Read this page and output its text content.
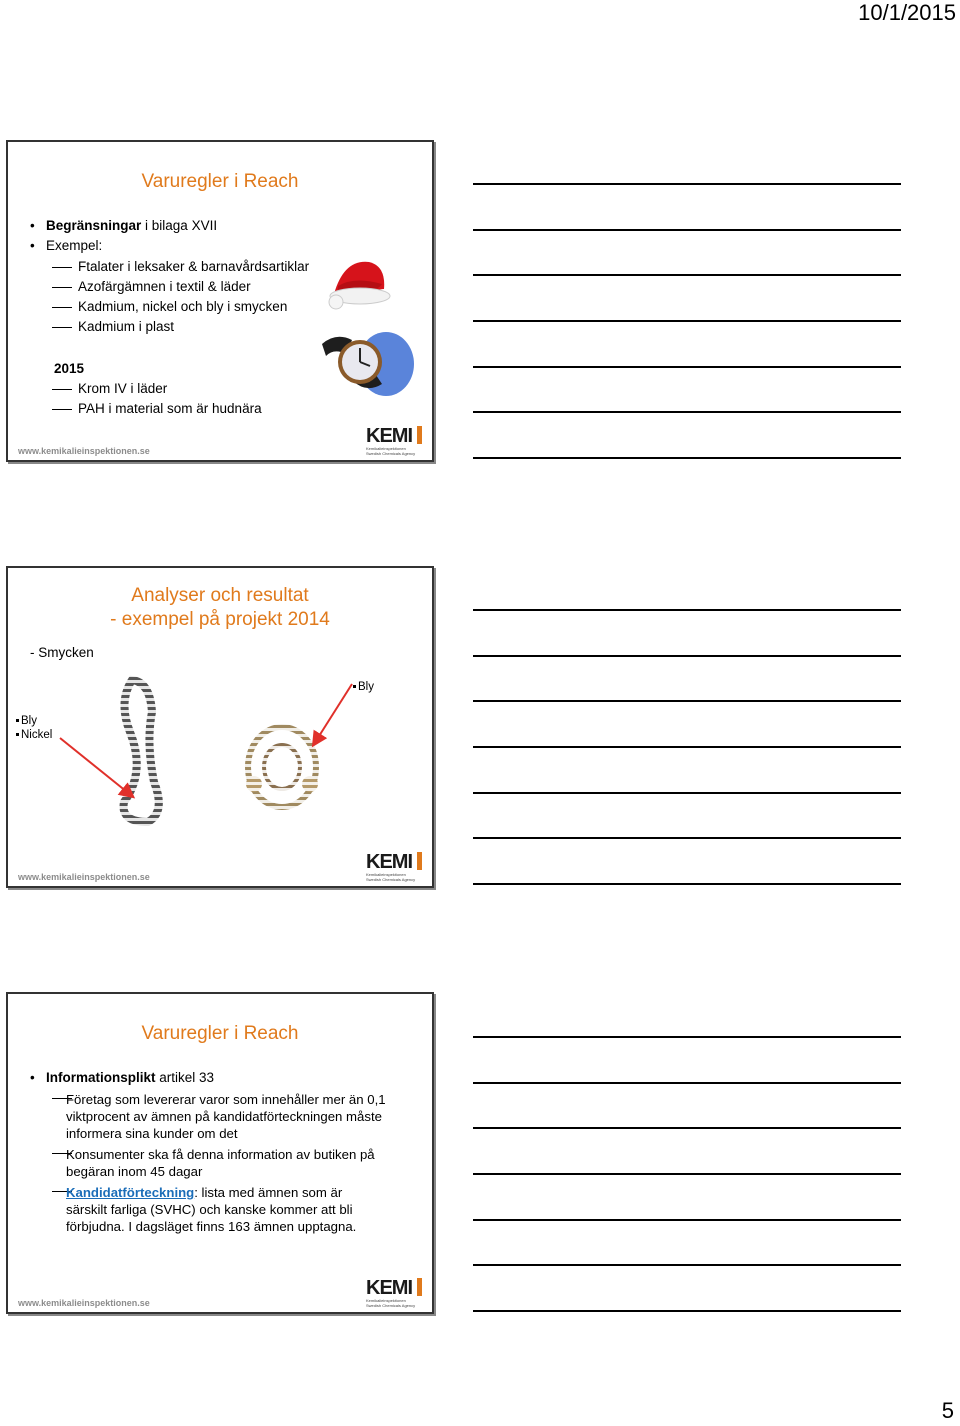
10/1/2015
Varuregler i Reach
• Begränsningar i bilaga XVII
• Exempel:
Ftalater i leksaker & barnavårdsartiklar
Azofärgämnen i textil & läder
Kadmium, nickel och bly i smycken
Kadmium i plast
2015
Krom IV i läder
PAH i material som är hudnära
www.kemikalieinspektionen.se
KEMI
Kemikalieinspektionen
Swedish Chemicals Agency
Analyser och resultat
- exempel på projekt 2014
- Smycken
Bly
Bly
Nickel
www.kemikalieinspektionen.se
KEMI
Kemikalieinspektionen
Swedish Chemicals Agency
Varuregler i Reach
• Informationsplikt artikel 33
Företag som levererar varor som innehåller mer än 0,1 viktprocent av ämnen på kandidatförteckningen måste informera sina kunder om det
Konsumenter ska få denna information av butiken på begäran inom 45 dagar
Kandidatförteckning: lista med ämnen som är särskilt farliga (SVHC) och kanske kommer att bli förbjudna. I dagsläget finns 163 ämnen upptagna.
www.kemikalieinspektionen.se
KEMI
Kemikalieinspektionen
Swedish Chemicals Agency
5
